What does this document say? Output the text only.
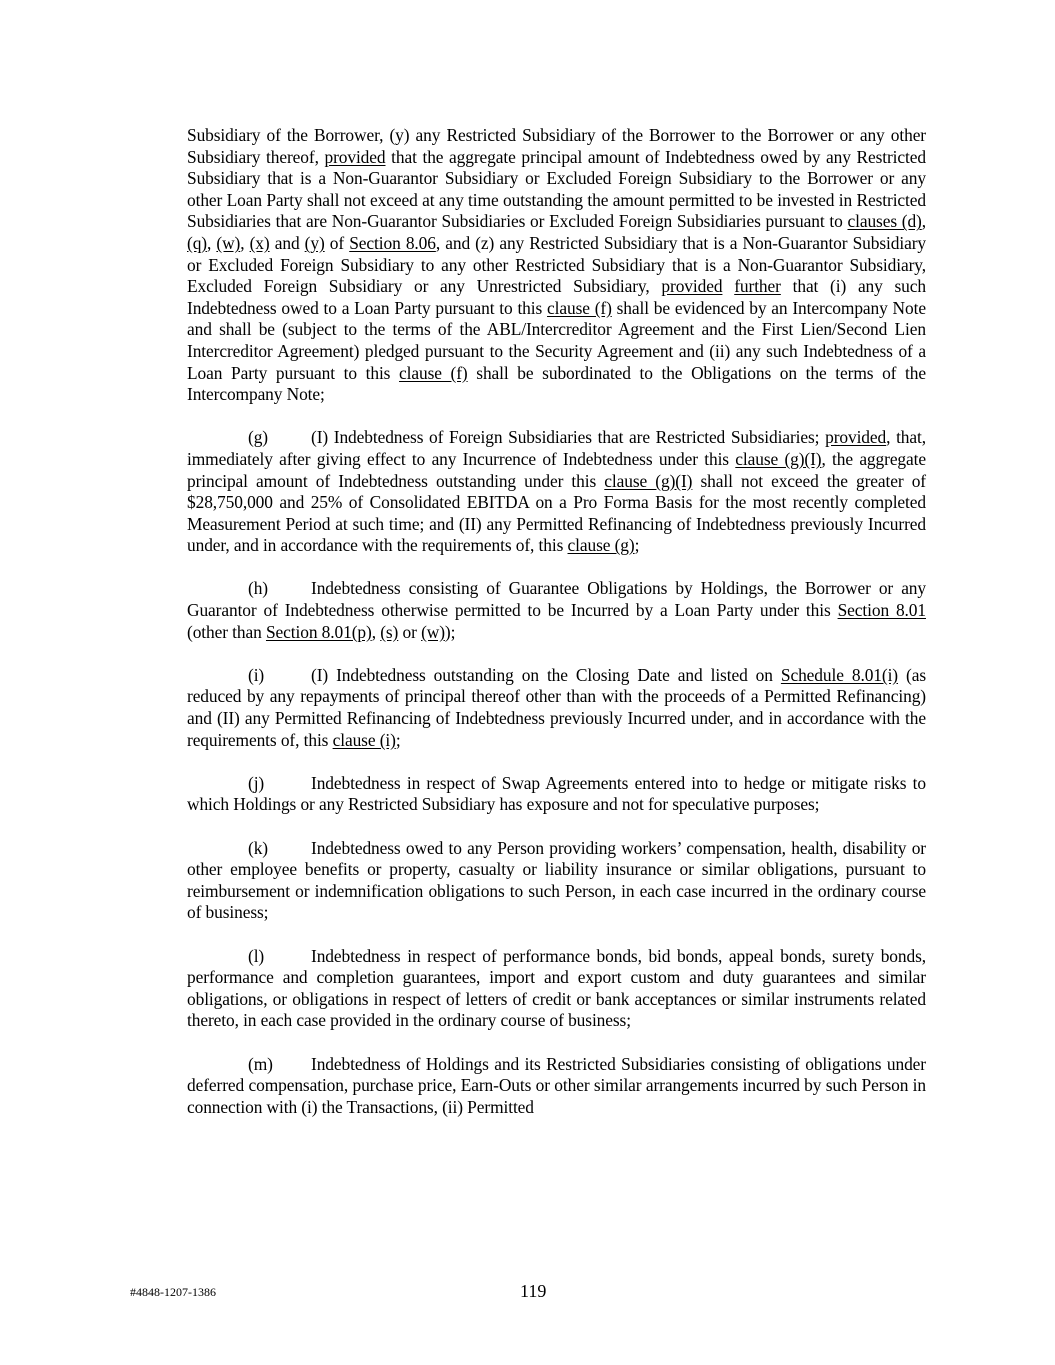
Subsidiary of the Borrower, (y) any Restricted Subsidiary of the Borrower to the Borrower or any other Subsidiary thereof, provided that the aggregate principal amount of Indebtedness owed by any Restricted Subsidiary that is a Non-Guarantor Subsidiary or Excluded Foreign Subsidiary to the Borrower or any other Loan Party shall not exceed at any time outstanding the amount permitted to be invested in Restricted Subsidiaries that are Non-Guarantor Subsidiaries or Excluded Foreign Subsidiaries pursuant to clauses (d), (q), (w), (x) and (y) of Section 8.06, and (z) any Restricted Subsidiary that is a Non-Guarantor Subsidiary or Excluded Foreign Subsidiary to any other Restricted Subsidiary that is a Non-Guarantor Subsidiary, Excluded Foreign Subsidiary or any Unrestricted Subsidiary, provided further that (i) any such Indebtedness owed to a Loan Party pursuant to this clause (f) shall be evidenced by an Intercompany Note and shall be (subject to the terms of the ABL/Intercreditor Agreement and the First Lien/Second Lien Intercreditor Agreement) pledged pursuant to the Security Agreement and (ii) any such Indebtedness of a Loan Party pursuant to this clause (f) shall be subordinated to the Obligations on the terms of the Intercompany Note;

(g) (I) Indebtedness of Foreign Subsidiaries that are Restricted Subsidiaries; provided, that, immediately after giving effect to any Incurrence of Indebtedness under this clause (g)(I), the aggregate principal amount of Indebtedness outstanding under this clause (g)(I) shall not exceed the greater of $28,750,000 and 25% of Consolidated EBITDA on a Pro Forma Basis for the most recently completed Measurement Period at such time; and (II) any Permitted Refinancing of Indebtedness previously Incurred under, and in accordance with the requirements of, this clause (g);

(h) Indebtedness consisting of Guarantee Obligations by Holdings, the Borrower or any Guarantor of Indebtedness otherwise permitted to be Incurred by a Loan Party under this Section 8.01 (other than Section 8.01(p), (s) or (w));

(i)	(I) Indebtedness outstanding on the Closing Date and listed on Schedule 8.01(i) (as reduced by any repayments of principal thereof other than with the proceeds of a Permitted Refinancing) and (II) any Permitted Refinancing of Indebtedness previously Incurred under, and in accordance with the requirements of, this clause (i);

(j)	Indebtedness in respect of Swap Agreements entered into to hedge or mitigate risks to which Holdings or any Restricted Subsidiary has exposure and not for speculative purposes;

(k) Indebtedness owed to any Person providing workers’ compensation, health, disability or other employee benefits or property, casualty or liability insurance or similar obligations, pursuant to reimbursement or indemnification obligations to such Person, in each case incurred in the ordinary course of business;

(l)	Indebtedness in respect of performance bonds, bid bonds, appeal bonds, surety bonds, performance and completion guarantees, import and export custom and duty guarantees and similar obligations, or obligations in respect of letters of credit or bank acceptances or similar instruments related thereto, in each case provided in the ordinary course of business;

(m) Indebtedness of Holdings and its Restricted Subsidiaries consisting of obligations under deferred compensation, purchase price, Earn-Outs or other similar arrangements incurred by such Person in connection with (i) the Transactions, (ii) Permitted

#4848-1207-1386	119
